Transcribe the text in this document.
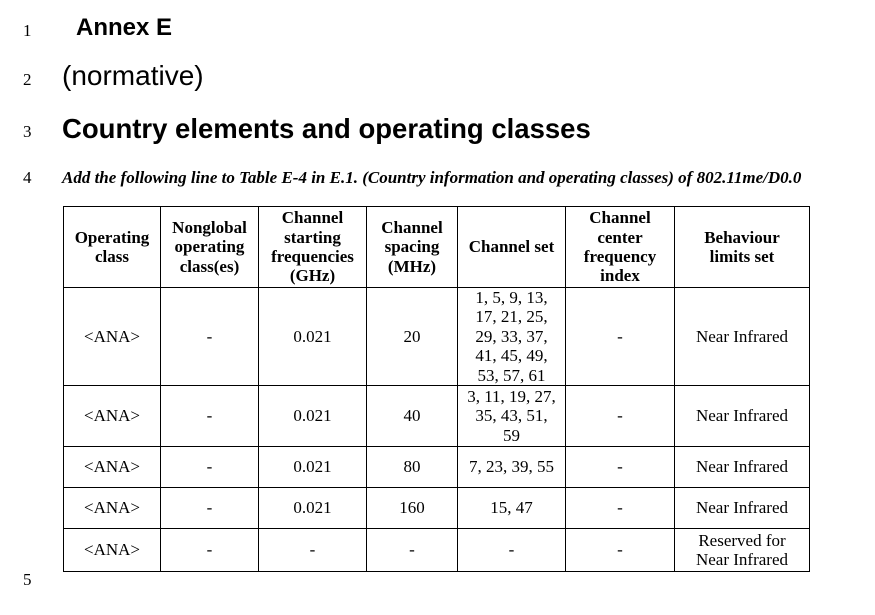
1
2
3
4
5
Annex E
(normative)
Country elements and operating classes

Add the following line to Table E-4 in E.1. (Country information and operating classes) of 802.11me/D0.0

Operating
class	Nonglobal
operating
class(es)	Channel
starting
frequencies
(GHz)	Channel
spacing
(MHz)	Channel set	Channel
center
frequency
index	Behaviour
limits set
<ANA>	-	0.021	20	1, 5, 9, 13,
17, 21, 25,
29, 33, 37,
41, 45, 49,
53, 57, 61	-	Near Infrared
<ANA>	-	0.021	40	3, 11, 19, 27,
35, 43, 51,
59	-	Near Infrared
<ANA>	-	0.021	80	7, 23, 39, 55	-	Near Infrared
<ANA>	-	0.021	160	15, 47	-	Near Infrared
<ANA>	-	-	-	-	-	Reserved for
Near Infrared
